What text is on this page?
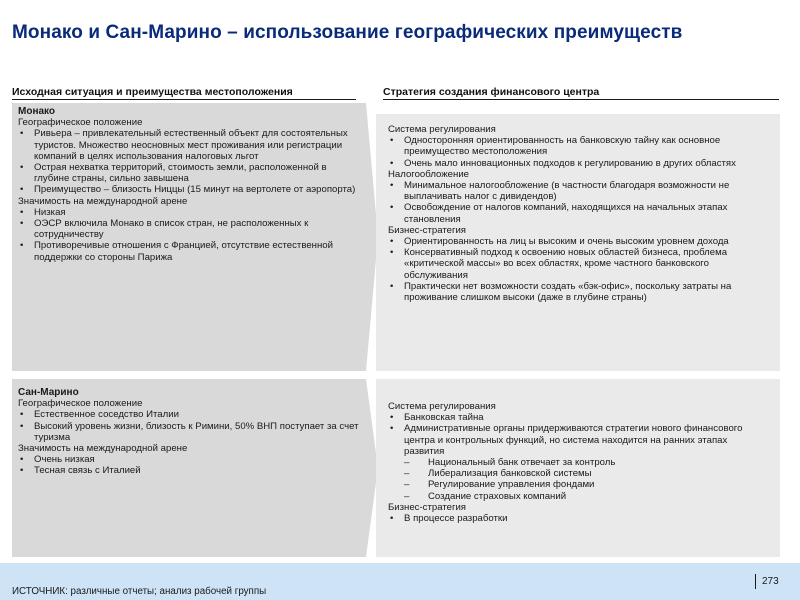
Монако и Сан-Марино – использование географических преимуществ
Исходная ситуация и преимущества местоположения	Стратегия создания финансового центра
Монако
Географическое положение
• Ривьера – привлекательный естественный объект для состоятельных туристов. Множество неосновных мест проживания или регистрации компаний в целях использования налоговых льгот
• Острая нехватка территорий, стоимость земли, расположенной в глубине страны, сильно завышена
• Преимущество – близость Ниццы (15 минут на вертолете от аэропорта)
Значимость на международной арене
• Низкая
• ОЭСР включила Монако в список стран, не расположенных к сотрудничеству
• Противоречивые отношения с Францией, отсутствие естественной поддержки со стороны Парижа
Система регулирования
• Односторонняя ориентированность на банковскую тайну как основное преимущество местоположения
• Очень мало инновационных подходов к регулированию в других областях
Налогообложение
• Минимальное налогообложение (в частности благодаря возможности не выплачивать налог с дивидендов)
• Освобождение от налогов компаний, находящихся на начальных этапах становления
Бизнес-стратегия
• Ориентированность на лиц ы высоким и очень высоким уровнем дохода
• Консервативный подход к освоению новых областей бизнеса, проблема «критической массы» во всех областях, кроме частного банковского обслуживания
• Практически нет возможности создать «бэк-офис», поскольку затраты на проживание слишком высоки (даже в глубине страны)
Сан-Марино
Географическое положение
• Естественное соседство Италии
• Высокий уровень жизни, близость к Римини, 50% ВНП поступает за счет туризма
Значимость на международной арене
• Очень низкая
• Тесная связь с Италией
Система регулирования
• Банковская тайна
• Административные органы придерживаются стратегии нового финансового центра и контрольных функций, но система находится на ранних этапах развития
– Национальный банк отвечает за контроль
– Либерализация банковской системы
– Регулирование управления фондами
– Создание страховых компаний
Бизнес-стратегия
• В процессе разработки
ИСТОЧНИК: различные отчеты; анализ рабочей группы
273
